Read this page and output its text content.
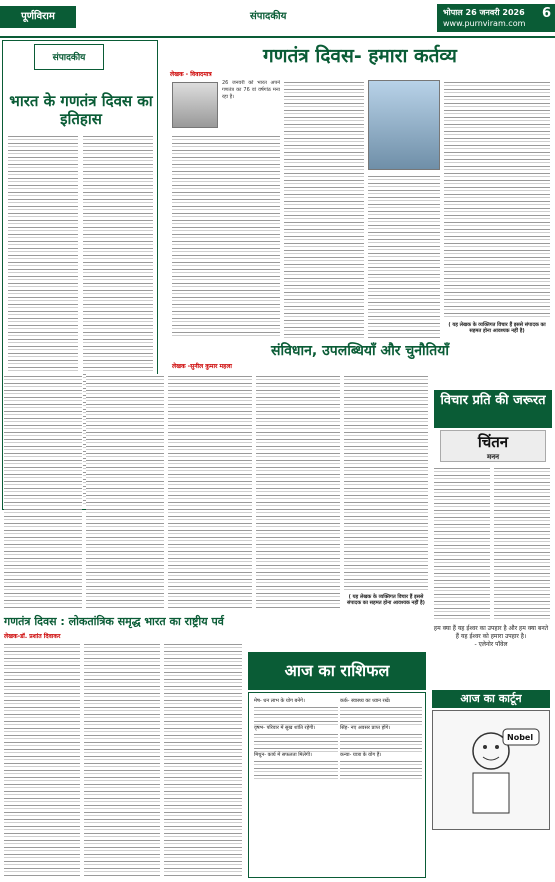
पूर्णविराम	संपादकीय	भोपाल 26 जनवरी 2026
www.purnviram.com
6
संपादकीय
भारत के गणतंत्र दिवस का इतिहास
गणतंत्र दिवस- हमारा कर्तव्य
लेखक - विवादमात्र
26 जनवरी को भारत अपने गणतंत्र का 76 वां वर्षगांठ मना रहा है।
( यह लेखक के व्यक्तिगत विचार हैं इससे संपादक का सहमत होना आवश्यक नहीं है)
संविधान, उपलब्धियाँ और चुनौतियाँ
लेखक -सुनील कुमार महला
( यह लेखक के व्यक्तिगत विचार हैं इससे संपादक का सहमत होना आवश्यक नहीं है)
विचार प्रति की जरूरत
चिंतन
मनन
हम क्या हैं यह ईश्वर का उपहार है और हम क्या बनते हैं यह ईश्वर को हमारा उपहार है।
- एलेनोर पॉवेल
गणतंत्र दिवस : लोकतांत्रिक समृद्ध भारत का राष्ट्रीय पर्व
लेखक-डॉ. प्रशांत दिवाकर
आज का राशिफल
मेष- धन लाभ के योग बनेंगे।
वृषभ- परिवार में सुख शांति रहेगी।
मिथुन- कार्य में सफलता मिलेगी।
कर्क- स्वास्थ्य का ध्यान रखें।
सिंह- नए अवसर प्राप्त होंगे।
कन्या- यात्रा के योग हैं।
आज का कार्टून
Nobel
